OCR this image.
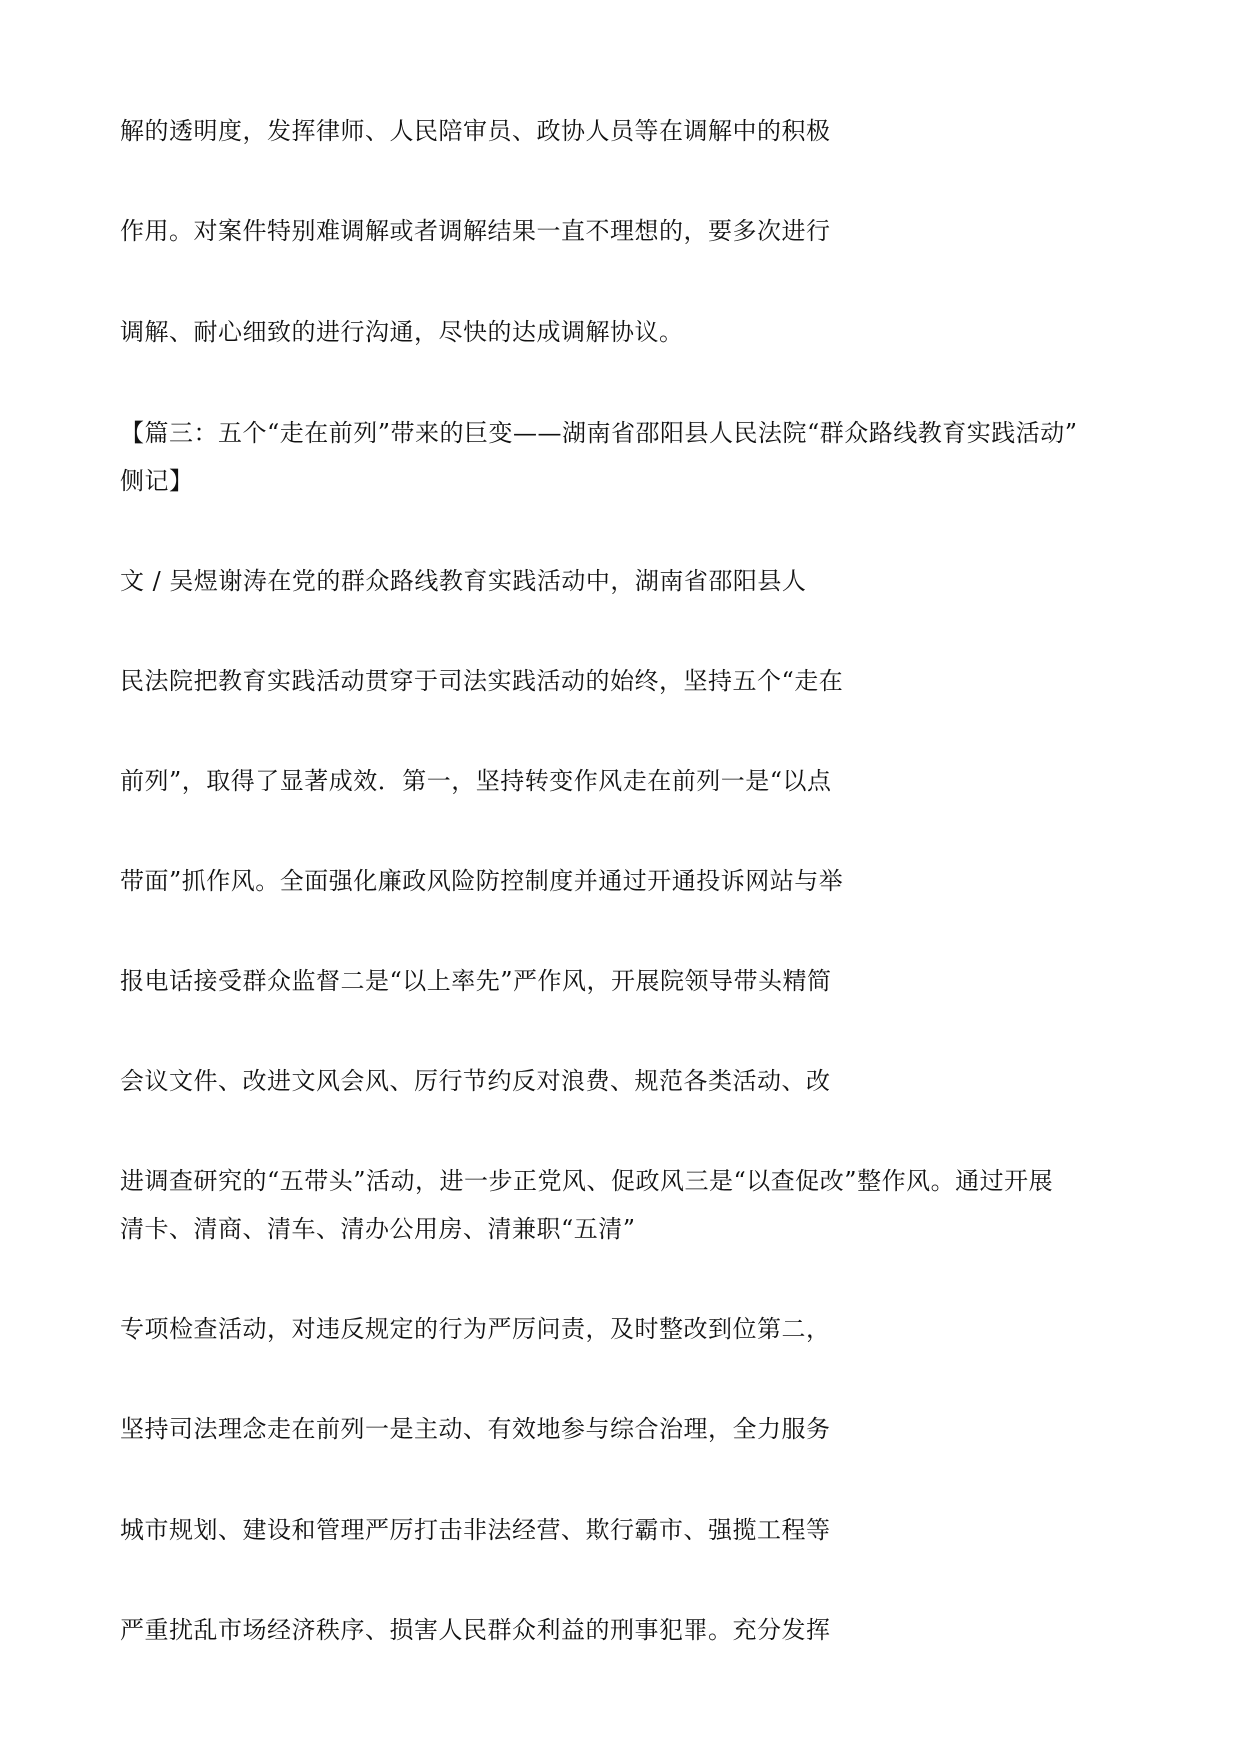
解的透明度，发挥律师、人民陪审员、政协人员等在调解中的积极
作用。对案件特别难调解或者调解结果一直不理想的，要多次进行
调解、耐心细致的进行沟通，尽快的达成调解协议。
【篇三：五个“走在前列”带来的巨变——湖南省邵阳县人民法院“群众路线教育实践活动”
侧记】
文 / 吴煜谢涛在党的群众路线教育实践活动中，湖南省邵阳县人
民法院把教育实践活动贯穿于司法实践活动的始终，坚持五个“走在
前列”，取得了显著成效．第一，坚持转变作风走在前列一是“以点
带面”抓作风。全面强化廉政风险防控制度并通过开通投诉网站与举
报电话接受群众监督二是“以上率先”严作风，开展院领导带头精简
会议文件、改进文风会风、厉行节约反对浪费、规范各类活动、改
进调查研究的“五带头”活动，进一步正党风、促政风三是“以查促改”整作风。通过开展
清卡、清商、清车、清办公用房、清兼职“五清”
专项检查活动，对违反规定的行为严厉问责，及时整改到位第二，
坚持司法理念走在前列一是主动、有效地参与综合治理，全力服务
城市规划、建设和管理严厉打击非法经营、欺行霸市、强揽工程等
严重扰乱市场经济秩序、损害人民群众利益的刑事犯罪。充分发挥
